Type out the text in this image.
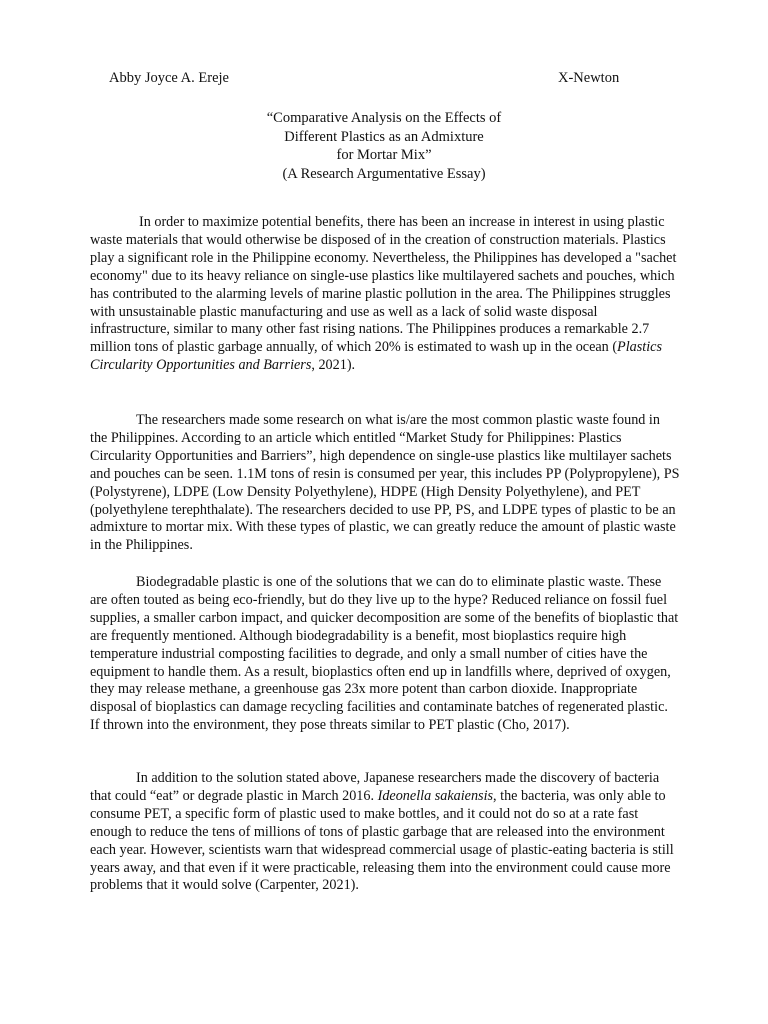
Abby Joyce A. Ereje	X-Newton
“Comparative Analysis on the Effects of
Different Plastics as an Admixture
for Mortar Mix”
(A Research Argumentative Essay)

In order to maximize potential benefits, there has been an increase in interest in using plastic waste materials that would otherwise be disposed of in the creation of construction materials. Plastics play a significant role in the Philippine economy. Nevertheless, the Philippines has developed a "sachet economy" due to its heavy reliance on single-use plastics like multilayered sachets and pouches, which has contributed to the alarming levels of marine plastic pollution in the area. The Philippines struggles with unsustainable plastic manufacturing and use as well as a lack of solid waste disposal infrastructure, similar to many other fast rising nations. The Philippines produces a remarkable 2.7 million tons of plastic garbage annually, of which 20% is estimated to wash up in the ocean (Plastics Circularity Opportunities and Barriers, 2021).

The researchers made some research on what is/are the most common plastic waste found in the Philippines. According to an article which entitled “Market Study for Philippines: Plastics Circularity Opportunities and Barriers”, high dependence on single-use plastics like multilayer sachets and pouches can be seen. 1.1M tons of resin is consumed per year, this includes PP (Polypropylene), PS (Polystyrene), LDPE (Low Density Polyethylene), HDPE (High Density Polyethylene), and PET (polyethylene terephthalate). The researchers decided to use PP, PS, and LDPE types of plastic to be an admixture to mortar mix. With these types of plastic, we can greatly reduce the amount of plastic waste in the Philippines.

Biodegradable plastic is one of the solutions that we can do to eliminate plastic waste. These are often touted as being eco-friendly, but do they live up to the hype? Reduced reliance on fossil fuel supplies, a smaller carbon impact, and quicker decomposition are some of the benefits of bioplastic that are frequently mentioned. Although biodegradability is a benefit, most bioplastics require high temperature industrial composting facilities to degrade, and only a small number of cities have the equipment to handle them. As a result, bioplastics often end up in landfills where, deprived of oxygen, they may release methane, a greenhouse gas 23x more potent than carbon dioxide. Inappropriate disposal of bioplastics can damage recycling facilities and contaminate batches of regenerated plastic. If thrown into the environment, they pose threats similar to PET plastic (Cho, 2017).

In addition to the solution stated above, Japanese researchers made the discovery of bacteria that could “eat” or degrade plastic in March 2016. Ideonella sakaiensis, the bacteria, was only able to consume PET, a specific form of plastic used to make bottles, and it could not do so at a rate fast enough to reduce the tens of millions of tons of plastic garbage that are released into the environment each year. However, scientists warn that widespread commercial usage of plastic-eating bacteria is still years away, and that even if it were practicable, releasing them into the environment could cause more problems that it would solve (Carpenter, 2021).
